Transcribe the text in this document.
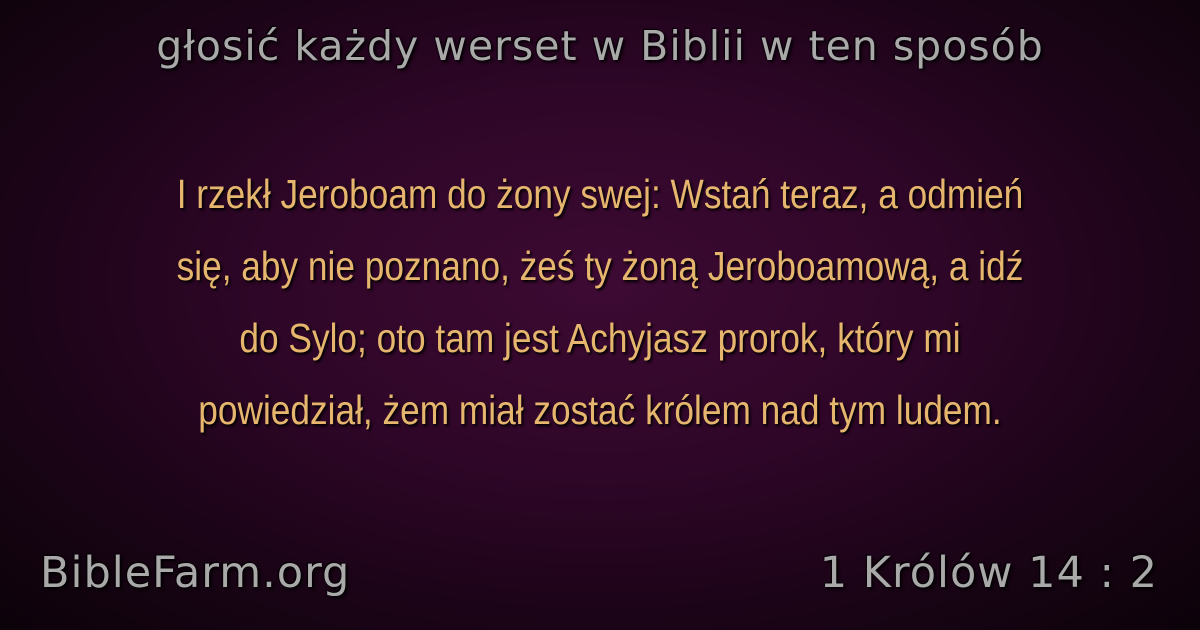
głosić każdy werset w Biblii w ten sposób
I rzekł Jeroboam do żony swej: Wstań teraz, a odmień
się, aby nie poznano, żeś ty żoną Jeroboamową, a idź
do Sylo; oto tam jest Achyjasz prorok, który mi
powiedział, żem miał zostać królem nad tym ludem.
BibleFarm.org	1 Królów 14 : 2
